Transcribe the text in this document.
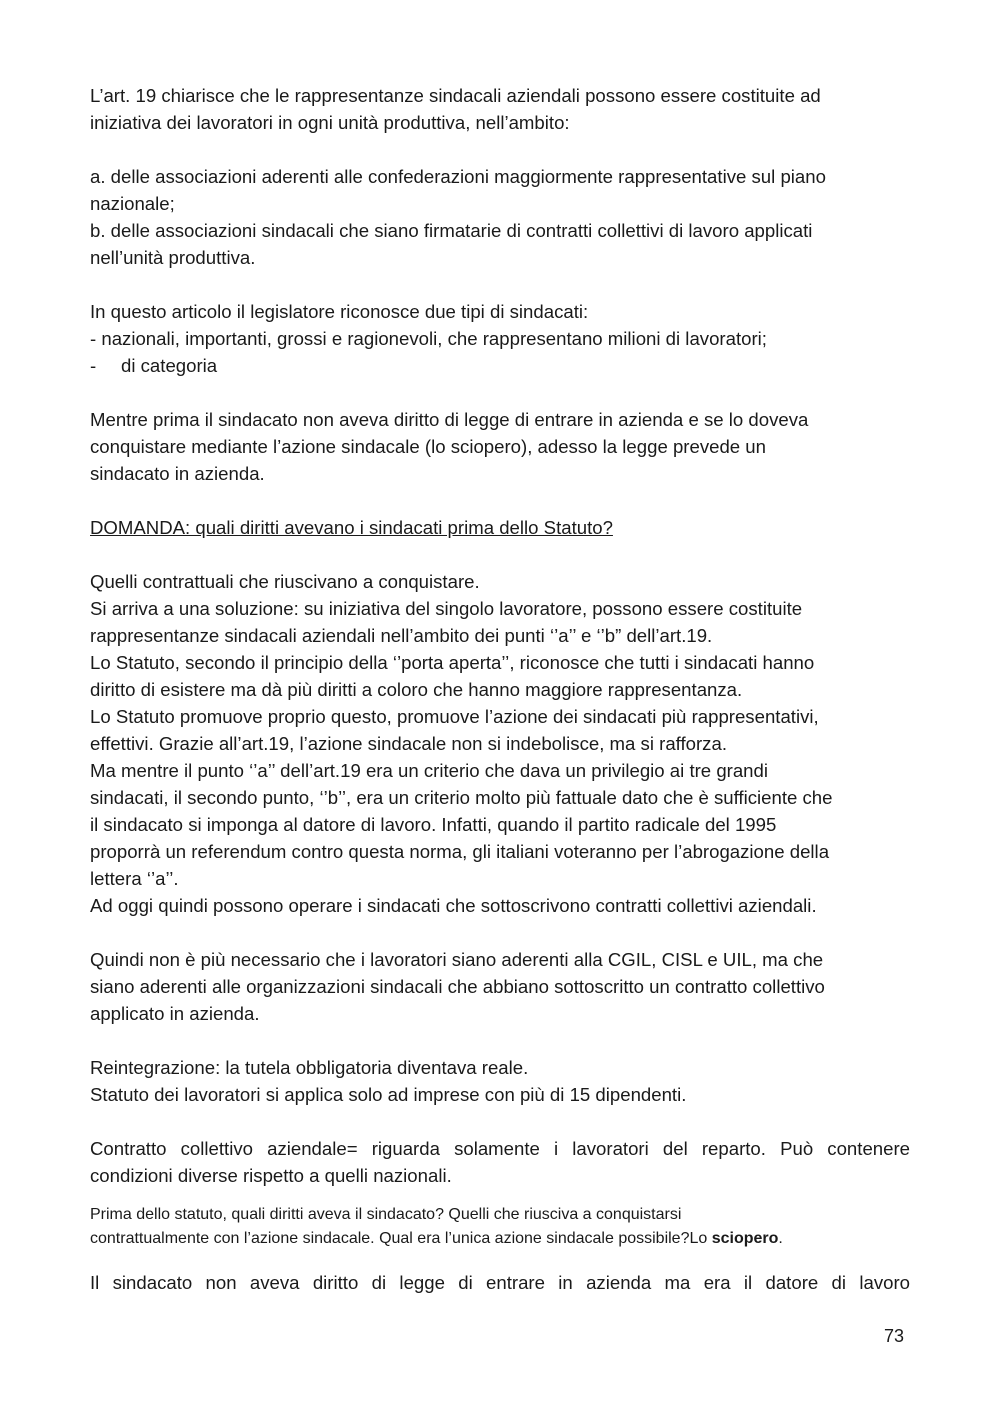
L’art. 19 chiarisce che le rappresentanze sindacali aziendali possono essere costituite ad
iniziativa dei lavoratori in ogni unità produttiva, nell’ambito:
a. delle associazioni aderenti alle confederazioni maggiormente rappresentative sul piano
nazionale;
b. delle associazioni sindacali che siano firmatarie di contratti collettivi di lavoro applicati
nell’unità produttiva.
In questo articolo il legislatore riconosce due tipi di sindacati:
- nazionali, importanti, grossi e ragionevoli, che rappresentano milioni di lavoratori;
- di categoria
Mentre prima il sindacato non aveva diritto di legge di entrare in azienda e se lo doveva
conquistare mediante l’azione sindacale (lo sciopero), adesso la legge prevede un
sindacato in azienda.
DOMANDA: quali diritti avevano i sindacati prima dello Statuto?
Quelli contrattuali che riuscivano a conquistare.
Si arriva a una soluzione: su iniziativa del singolo lavoratore, possono essere costituite
rappresentanze sindacali aziendali nell’ambito dei punti ‘’a’’ e ‘’b” dell’art.19.
Lo Statuto, secondo il principio della ‘’porta aperta’’, riconosce che tutti i sindacati hanno
diritto di esistere ma dà più diritti a coloro che hanno maggiore rappresentanza.
Lo Statuto promuove proprio questo, promuove l’azione dei sindacati più rappresentativi,
effettivi. Grazie all’art.19, l’azione sindacale non si indebolisce, ma si rafforza.
Ma mentre il punto ‘’a’’ dell’art.19 era un criterio che dava un privilegio ai tre grandi
sindacati, il secondo punto, ‘’b’’, era un criterio molto più fattuale dato che è sufficiente che
il sindacato si imponga al datore di lavoro. Infatti, quando il partito radicale del 1995
proporrà un referendum contro questa norma, gli italiani voteranno per l’abrogazione della
lettera ‘’a’’.
Ad oggi quindi possono operare i sindacati che sottoscrivono contratti collettivi aziendali.
Quindi non è più necessario che i lavoratori siano aderenti alla CGIL, CISL e UIL, ma che
siano aderenti alle organizzazioni sindacali che abbiano sottoscritto un contratto collettivo
applicato in azienda.
Reintegrazione: la tutela obbligatoria diventava reale.
Statuto dei lavoratori si applica solo ad imprese con più di 15 dipendenti.
Contratto collettivo aziendale= riguarda solamente i lavoratori del reparto. Può contenere
condizioni diverse rispetto a quelli nazionali.
Prima dello statuto, quali diritti aveva il sindacato? Quelli che riusciva a conquistarsi
contrattualmente con l’azione sindacale. Qual era l’unica azione sindacale possibile?Lo sciopero.
Il sindacato non aveva diritto di legge di entrare in azienda ma era il datore di lavoro
73
